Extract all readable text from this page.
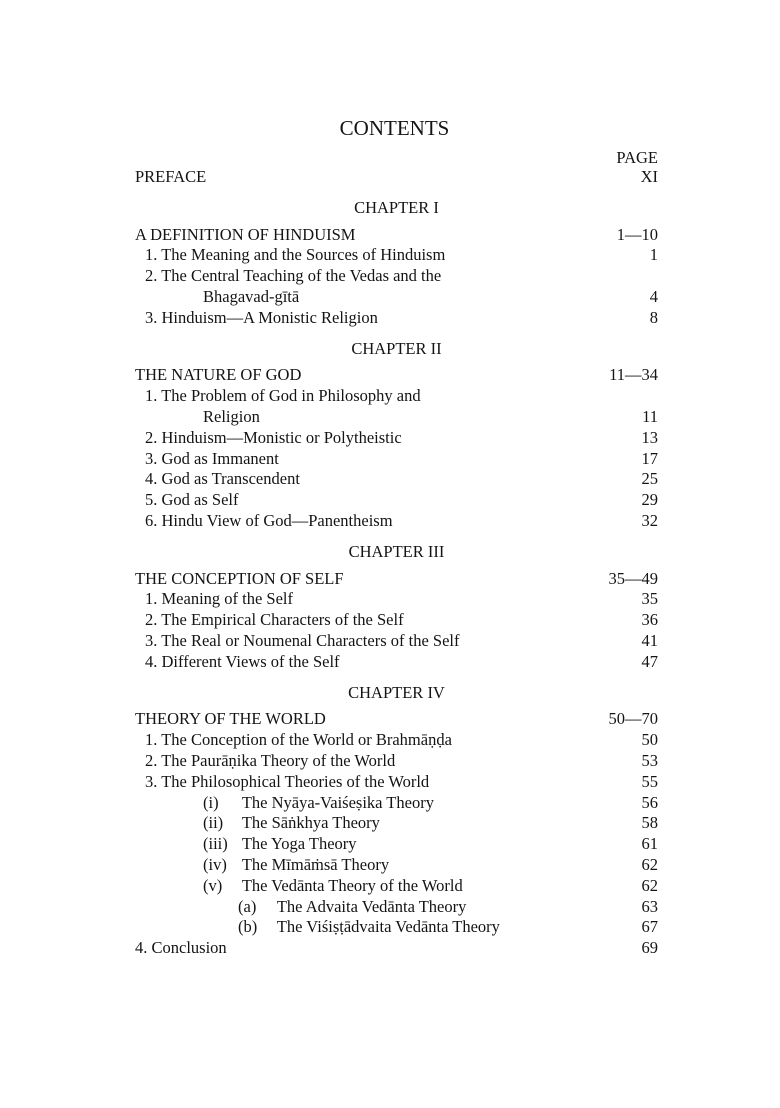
CONTENTS
PAGE
PREFACE	XI
CHAPTER I
A DEFINITION OF HINDUISM	1—10
1. The Meaning and the Sources of Hinduism	1
2. The Central Teaching of the Vedas and the
Bhagavad-gītā	4
3. Hinduism—A Monistic Religion	8
CHAPTER II
THE NATURE OF GOD	11—34
1. The Problem of God in Philosophy and
Religion	11
2. Hinduism—Monistic or Polytheistic	13
3. God as Immanent	17
4. God as Transcendent	25
5. God as Self	29
6. Hindu View of God—Panentheism	32
CHAPTER III
THE CONCEPTION OF SELF	35—49
1. Meaning of the Self	35
2. The Empirical Characters of the Self	36
3. The Real or Noumenal Characters of the Self	41
4. Different Views of the Self	47
CHAPTER IV
THEORY OF THE WORLD	50—70
1. The Conception of the World or Brahmāṇḍa	50
2. The Paurāṇika Theory of the World	53
3. The Philosophical Theories of the World	55
(i) The Nyāya-Vaiśeṣika Theory	56
(ii) The Sāṅkhya Theory	58
(iii) The Yoga Theory	61
(iv) The Mīmāṁsā Theory	62
(v) The Vedānta Theory of the World	62
(a) The Advaita Vedānta Theory	63
(b) The Viśiṣṭādvaita Vedānta Theory	67
4. Conclusion	69
